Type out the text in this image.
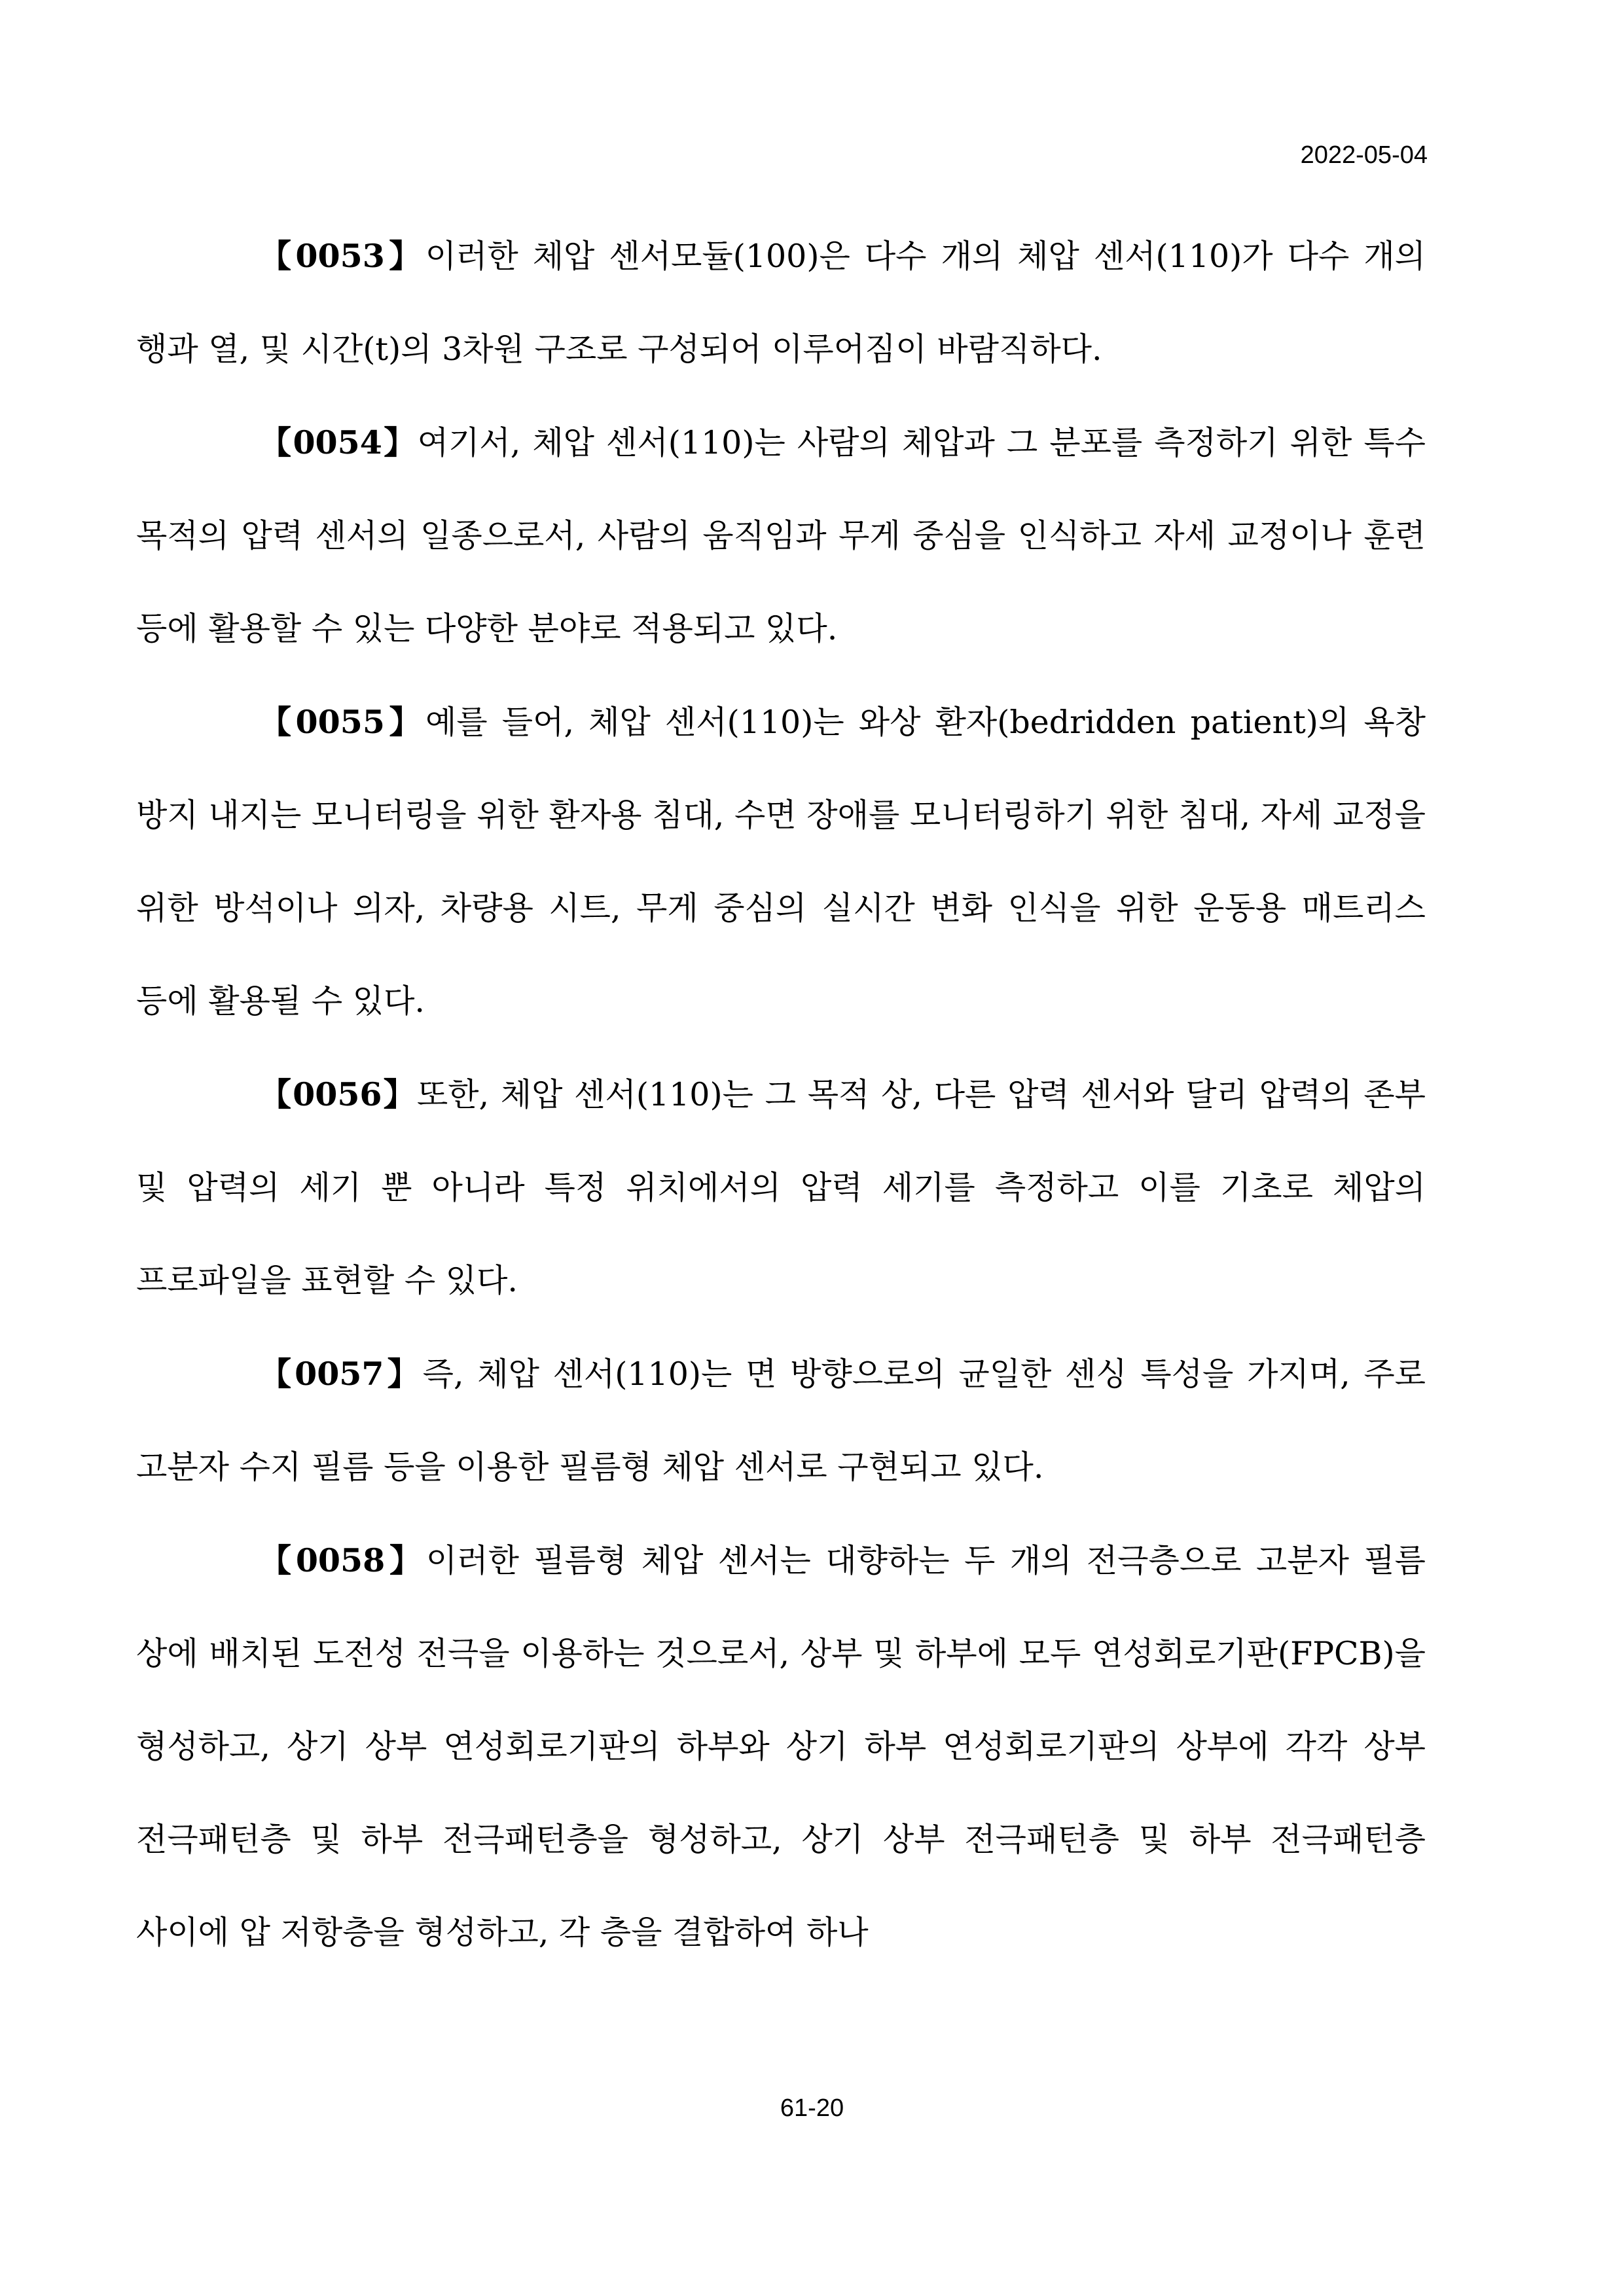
2022-05-04

【0053】이러한 체압 센서모듈(100)은 다수 개의 체압 센서(110)가 다수 개의 행과 열, 및 시간(t)의 3차원 구조로 구성되어 이루어짐이 바람직하다.

【0054】여기서, 체압 센서(110)는 사람의 체압과 그 분포를 측정하기 위한 특수 목적의 압력 센서의 일종으로서, 사람의 움직임과 무게 중심을 인식하고 자세 교정이나 훈련 등에 활용할 수 있는 다양한 분야로 적용되고 있다.

【0055】예를 들어, 체압 센서(110)는 와상 환자(bedridden patient)의 욕창 방지 내지는 모니터링을 위한 환자용 침대, 수면 장애를 모니터링하기 위한 침대, 자세 교정을 위한 방석이나 의자, 차량용 시트, 무게 중심의 실시간 변화 인식을 위한 운동용 매트리스 등에 활용될 수 있다.

【0056】또한, 체압 센서(110)는 그 목적 상, 다른 압력 센서와 달리 압력의 존부 및 압력의 세기 뿐 아니라 특정 위치에서의 압력 세기를 측정하고 이를 기초로 체압의 프로파일을 표현할 수 있다.

【0057】즉, 체압 센서(110)는 면 방향으로의 균일한 센싱 특성을 가지며, 주로 고분자 수지 필름 등을 이용한 필름형 체압 센서로 구현되고 있다.

【0058】이러한 필름형 체압 센서는 대향하는 두 개의 전극층으로 고분자 필름 상에 배치된 도전성 전극을 이용하는 것으로서, 상부 및 하부에 모두 연성회로기판(FPCB)을 형성하고, 상기 상부 연성회로기판의 하부와 상기 하부 연성회로기판의 상부에 각각 상부 전극패턴층 및 하부 전극패턴층을 형성하고, 상기 상부 전극패턴층 및 하부 전극패턴층 사이에 압 저항층을 형성하고, 각 층을 결합하여 하나

61-20
